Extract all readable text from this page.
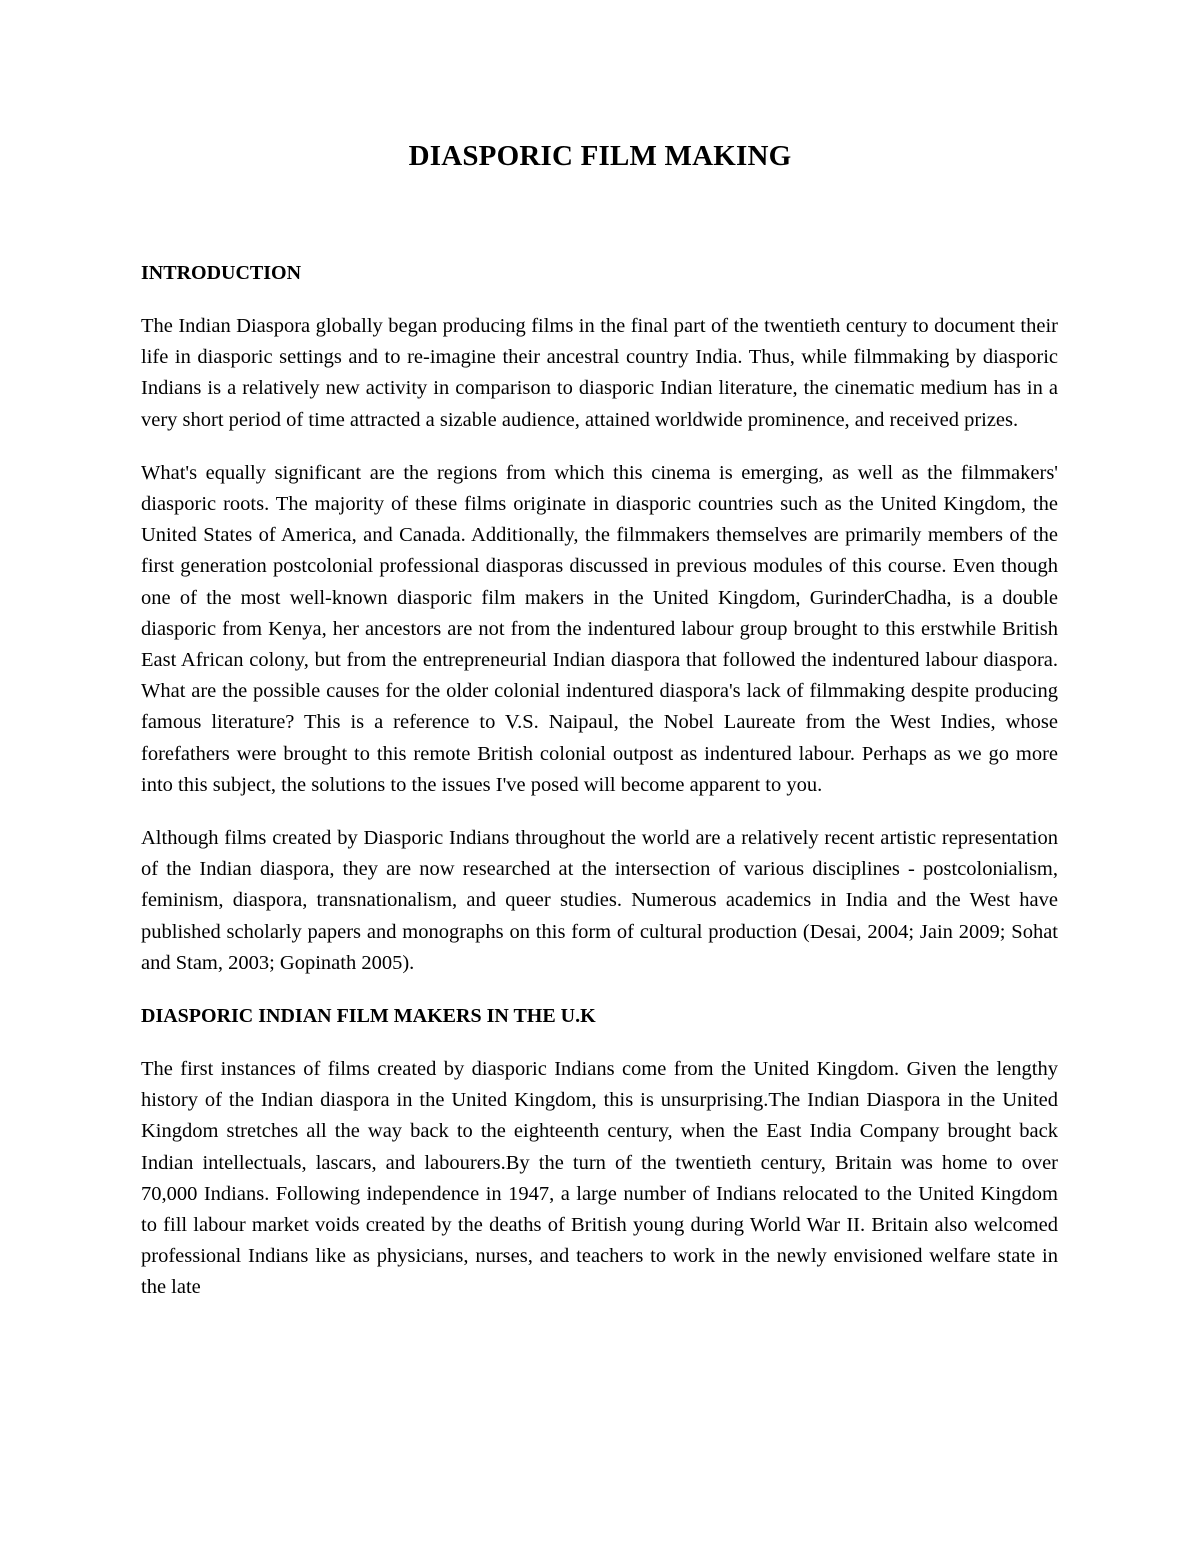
DIASPORIC FILM MAKING
INTRODUCTION

The Indian Diaspora globally began producing films in the final part of the twentieth century to document their life in diasporic settings and to re-imagine their ancestral country India. Thus, while filmmaking by diasporic Indians is a relatively new activity in comparison to diasporic Indian literature, the cinematic medium has in a very short period of time attracted a sizable audience, attained worldwide prominence, and received prizes.

What's equally significant are the regions from which this cinema is emerging, as well as the filmmakers' diasporic roots. The majority of these films originate in diasporic countries such as the United Kingdom, the United States of America, and Canada. Additionally, the filmmakers themselves are primarily members of the first generation postcolonial professional diasporas discussed in previous modules of this course. Even though one of the most well-known diasporic film makers in the United Kingdom, GurinderChadha, is a double diasporic from Kenya, her ancestors are not from the indentured labour group brought to this erstwhile British East African colony, but from the entrepreneurial Indian diaspora that followed the indentured labour diaspora. What are the possible causes for the older colonial indentured diaspora's lack of filmmaking despite producing famous literature? This is a reference to V.S. Naipaul, the Nobel Laureate from the West Indies, whose forefathers were brought to this remote British colonial outpost as indentured labour. Perhaps as we go more into this subject, the solutions to the issues I've posed will become apparent to you.

Although films created by Diasporic Indians throughout the world are a relatively recent artistic representation of the Indian diaspora, they are now researched at the intersection of various disciplines - postcolonialism, feminism, diaspora, transnationalism, and queer studies. Numerous academics in India and the West have published scholarly papers and monographs on this form of cultural production (Desai, 2004; Jain 2009; Sohat and Stam, 2003; Gopinath 2005).

DIASPORIC INDIAN FILM MAKERS IN THE U.K

The first instances of films created by diasporic Indians come from the United Kingdom. Given the lengthy history of the Indian diaspora in the United Kingdom, this is unsurprising.The Indian Diaspora in the United Kingdom stretches all the way back to the eighteenth century, when the East India Company brought back Indian intellectuals, lascars, and labourers.By the turn of the twentieth century, Britain was home to over 70,000 Indians. Following independence in 1947, a large number of Indians relocated to the United Kingdom to fill labour market voids created by the deaths of British young during World War II. Britain also welcomed professional Indians like as physicians, nurses, and teachers to work in the newly envisioned welfare state in the late
